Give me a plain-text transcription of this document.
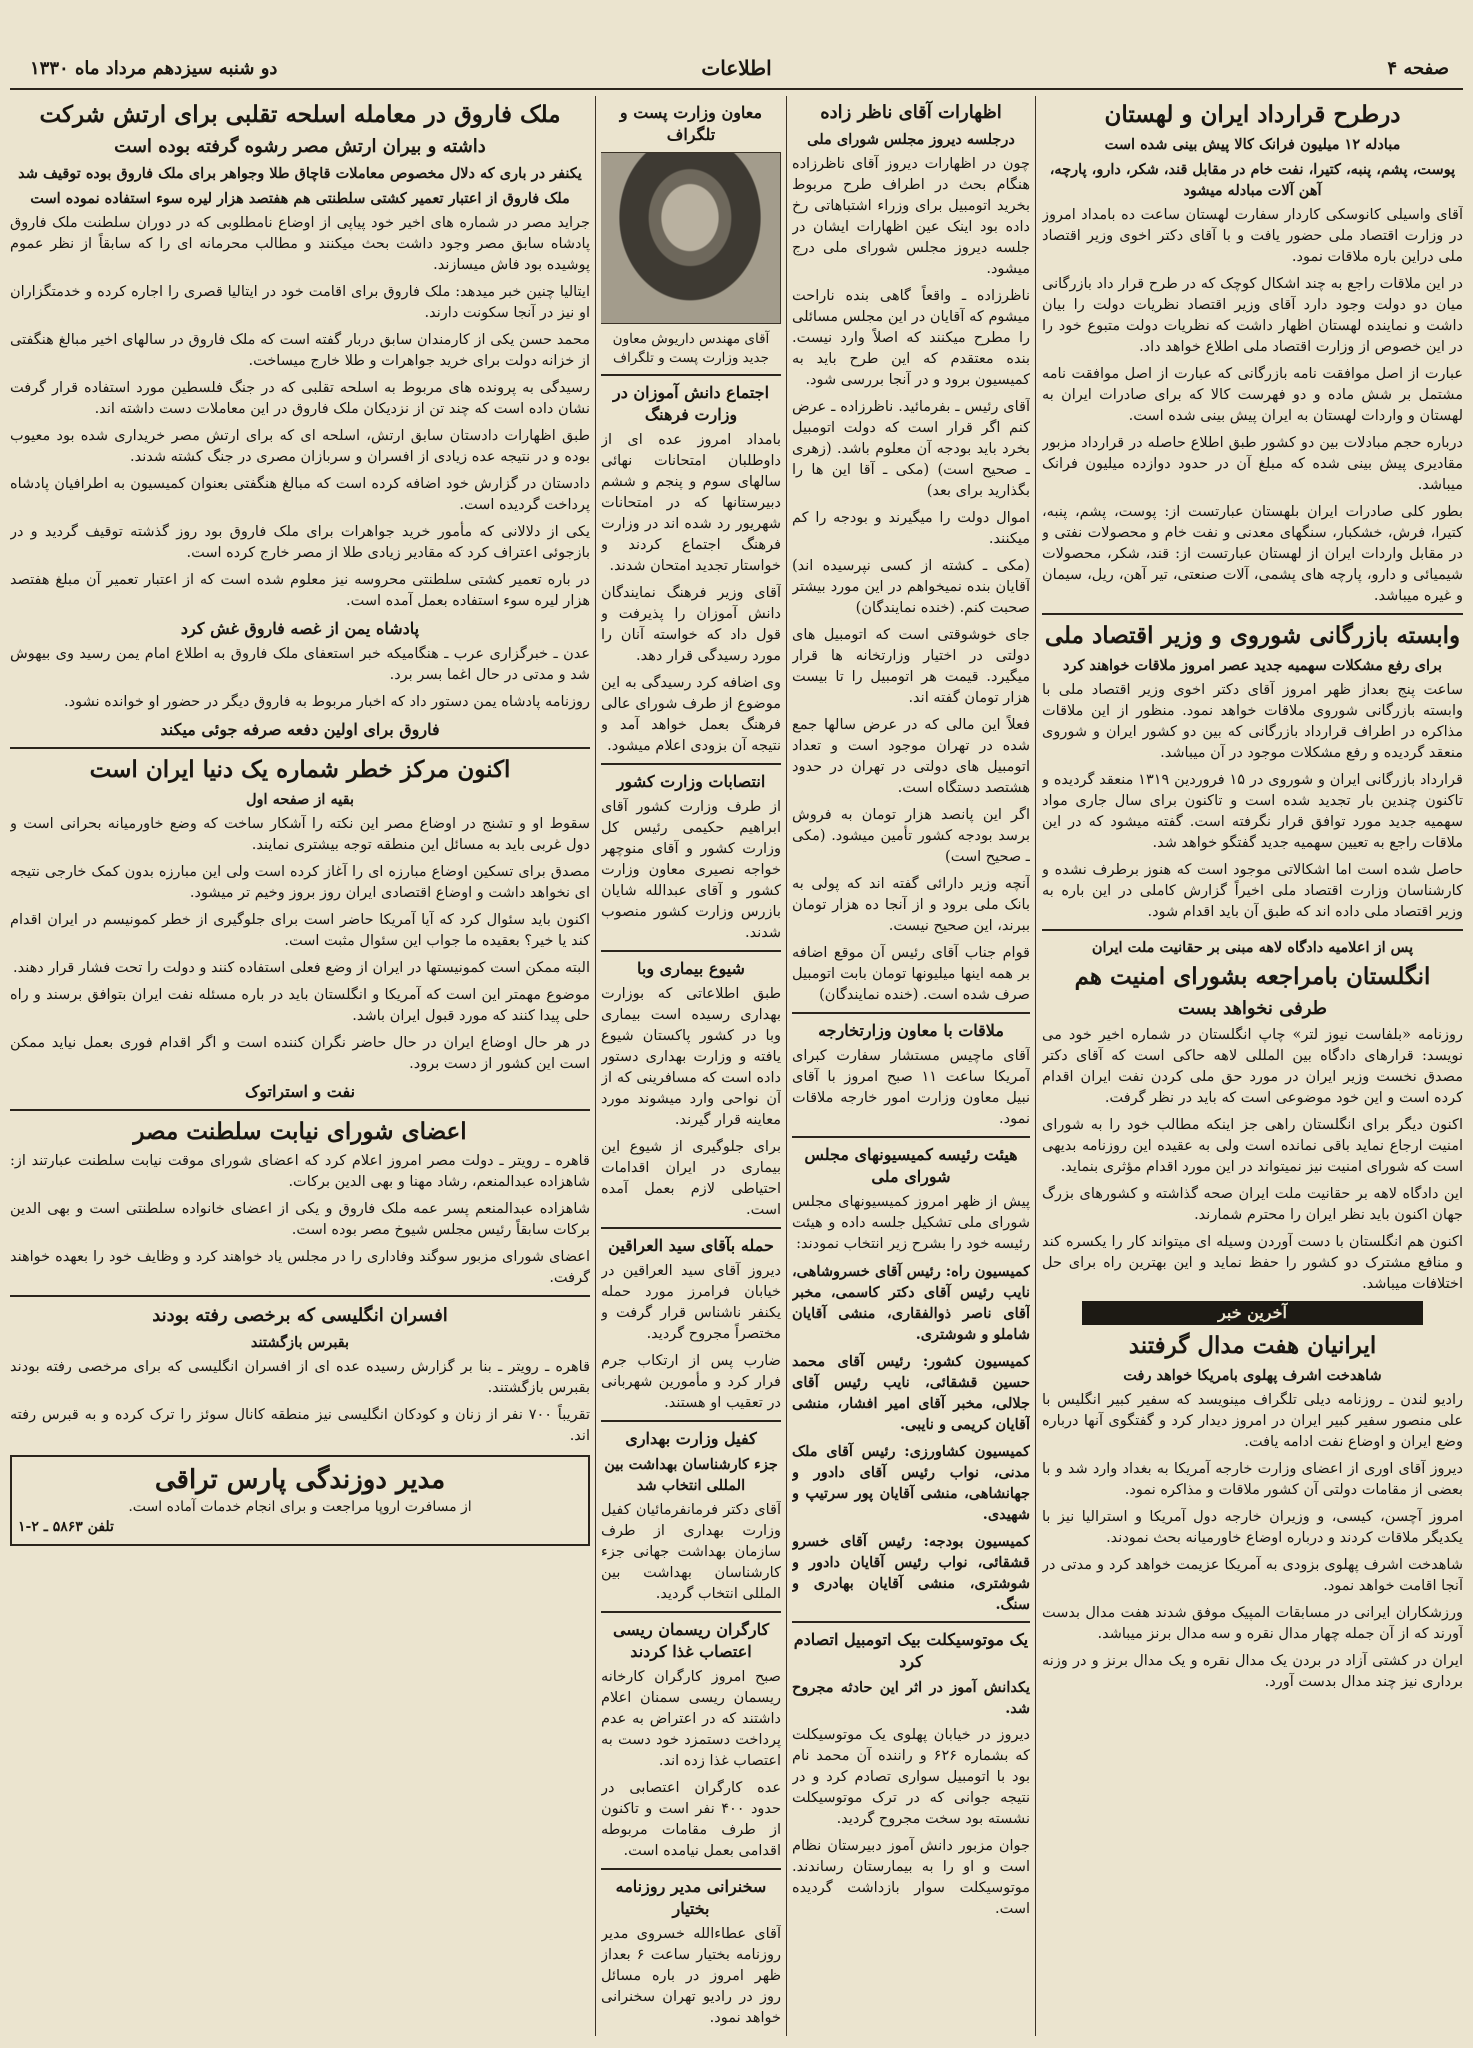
صفحه ۴
اطلاعات
دو شنبه سیزدهم مرداد ماه ۱۳۳۰
درطرح قرارداد ایران و لهستان
مبادله ۱۲ میلیون فرانک کالا پیش بینی شده است
پوست، پشم، پنبه، کتیرا، نفت خام در مقابل قند، شکر، دارو، پارچه، آهن آلات مبادله میشود

آقای واسیلی کانوسکی کاردار سفارت لهستان ساعت ده بامداد امروز در وزارت اقتصاد ملی حضور یافت و با آقای دکتر اخوی وزیر اقتصاد ملی دراین باره ملاقات نمود.

در این ملاقات راجع به چند اشکال کوچک که در طرح قرار داد بازرگانی میان دو دولت وجود دارد آقای وزیر اقتصاد نظریات دولت را بیان داشت و نماینده لهستان اظهار داشت که نظریات دولت متبوع خود را در این خصوص از وزارت اقتصاد ملی اطلاع خواهد داد.

عبارت از اصل موافقت نامه بازرگانی که عبارت از اصل موافقت نامه مشتمل بر شش ماده و دو فهرست کالا که برای صادرات ایران به لهستان و واردات لهستان به ایران پیش بینی شده است.

درباره حجم مبادلات بین دو کشور طبق اطلاع حاصله در قرارداد مزبور مقادیری پیش بینی شده که مبلغ آن در حدود دوازده میلیون فرانک میباشد.

بطور کلی صادرات ایران بلهستان عبارتست از: پوست، پشم، پنبه، کتیرا، فرش، خشکبار، سنگهای معدنی و نفت خام و محصولات نفتی و در مقابل واردات ایران از لهستان عبارتست از: قند، شکر، محصولات شیمیائی و دارو، پارچه های پشمی، آلات صنعتی، تیر آهن، ریل، سیمان و غیره میباشد.

وابسته بازرگانی شوروی و وزیر اقتصاد ملی
برای رفع مشکلات سهمیه جدید عصر امروز ملاقات خواهند کرد

ساعت پنج بعداز ظهر امروز آقای دکتر اخوی وزیر اقتصاد ملی با وابسته بازرگانی شوروی ملاقات خواهد نمود. منظور از این ملاقات مذاکره در اطراف قرارداد بازرگانی که بین دو کشور ایران و شوروی منعقد گردیده و رفع مشکلات موجود در آن میباشد.

قرارداد بازرگانی ایران و شوروی در ۱۵ فروردین ۱۳۱۹ منعقد گردیده و تاکنون چندین بار تجدید شده است و تاکنون برای سال جاری مواد سهمیه جدید مورد توافق قرار نگرفته است. گفته میشود که در این ملاقات راجع به تعیین سهمیه جدید گفتگو خواهد شد.

حاصل شده است اما اشکالاتی موجود است که هنوز برطرف نشده و کارشناسان وزارت اقتصاد ملی اخیراً گزارش کاملی در این باره به وزیر اقتصاد ملی داده اند که طبق آن باید اقدام شود.

پس از اعلامیه دادگاه لاهه مبنی بر حقانیت ملت ایران
انگلستان بامراجعه بشورای امنیت هم
طرفی نخواهد بست

روزنامه «بلفاست نیوز لتر» چاپ انگلستان در شماره اخیر خود می نویسد: قرارهای دادگاه بین المللی لاهه حاکی است که آقای دکتر مصدق نخست وزیر ایران در مورد حق ملی کردن نفت ایران اقدام کرده است و این خود موضوعی است که باید در نظر گرفت.

اکنون دیگر برای انگلستان راهی جز اینکه مطالب خود را به شورای امنیت ارجاع نماید باقی نمانده است ولی به عقیده این روزنامه بدیهی است که شورای امنیت نیز نمیتواند در این مورد اقدام مؤثری بنماید.

این دادگاه لاهه بر حقانیت ملت ایران صحه گذاشته و کشورهای بزرگ جهان اکنون باید نظر ایران را محترم شمارند.

اکنون هم انگلستان با دست آوردن وسیله ای میتواند کار را یکسره کند و منافع مشترک دو کشور را حفظ نماید و این بهترین راه برای حل اختلافات میباشد.

آخرین خبر
ایرانیان هفت مدال گرفتند
شاهدخت اشرف پهلوی بامریکا خواهد رفت

رادیو لندن ـ روزنامه دیلی تلگراف مینویسد که سفیر کبیر انگلیس با علی منصور سفیر کبیر ایران در امروز دیدار کرد و گفتگوی آنها درباره وضع ایران و اوضاع نفت ادامه یافت.

دیروز آقای اوری از اعضای وزارت خارجه آمریکا به بغداد وارد شد و با بعضی از مقامات دولتی آن کشور ملاقات و مذاکره نمود.

امروز آچسن، کیسی، و وزیران خارجه دول آمریکا و استرالیا نیز با یکدیگر ملاقات کردند و درباره اوضاع خاورمیانه بحث نمودند.

شاهدخت اشرف پهلوی بزودی به آمریکا عزیمت خواهد کرد و مدتی در آنجا اقامت خواهد نمود.

ورزشکاران ایرانی در مسابقات المپیک موفق شدند هفت مدال بدست آورند که از آن جمله چهار مدال نقره و سه مدال برنز میباشد.

ایران در کشتی آزاد در بردن یک مدال نقره و یک مدال برنز و در وزنه برداری نیز چند مدال بدست آورد.

اظهارات آقای ناظر زاده
درجلسه دیروز مجلس شورای ملی

چون در اظهارات دیروز آقای ناظرزاده هنگام بحث در اطراف طرح مربوط بخرید اتومبیل برای وزراء اشتباهاتی رخ داده بود اینک عین اظهارات ایشان در جلسه دیروز مجلس شورای ملی درج میشود.

ناظرزاده ـ واقعاً گاهی بنده ناراحت میشوم که آقایان در این مجلس مسائلی را مطرح میکنند که اصلاً وارد نیست. بنده معتقدم که این طرح باید به کمیسیون برود و در آنجا بررسی شود.

آقای رئیس ـ بفرمائید. ناظرزاده ـ عرض کنم اگر قرار است که دولت اتومبیل بخرد باید بودجه آن معلوم باشد. (زهری ـ صحیح است) (مکی ـ آقا این ها را بگذارید برای بعد)

اموال دولت را میگیرند و بودجه را کم میکنند.

(مکی ـ کشته از کسی نپرسیده اند) آقایان بنده نمیخواهم در این مورد بیشتر صحبت کنم. (خنده نمایندگان)

جای خوشوقتی است که اتومبیل های دولتی در اختیار وزارتخانه ها قرار میگیرد. قیمت هر اتومبیل را تا بیست هزار تومان گفته اند.

فعلاً این مالی که در عرض سالها جمع شده در تهران موجود است و تعداد اتومبیل های دولتی در تهران در حدود هشتصد دستگاه است.

اگر این پانصد هزار تومان به فروش برسد بودجه کشور تأمین میشود. (مکی ـ صحیح است)

آنچه وزیر دارائی گفته اند که پولی به بانک ملی برود و از آنجا ده هزار تومان ببرند، این صحیح نیست.

قوام جناب آقای رئیس آن موقع اضافه بر همه اینها میلیونها تومان بابت اتومبیل صرف شده است. (خنده نمایندگان)

ملاقات با معاون وزارتخارجه

آقای ماچیس مستشار سفارت کبرای آمریکا ساعت ۱۱ صبح امروز با آقای نبیل معاون وزارت امور خارجه ملاقات نمود.

هیئت رئیسه کمیسیونهای مجلس شورای ملی

پیش از ظهر امروز کمیسیونهای مجلس شورای ملی تشکیل جلسه داده و هیئت رئیسه خود را بشرح زیر انتخاب نمودند:

کمیسیون راه: رئیس آقای خسروشاهی، نایب رئیس آقای دکتر کاسمی، مخبر آقای ناصر ذوالفقاری، منشی آقایان شاملو و شوشتری.

کمیسیون کشور: رئیس آقای محمد حسین قشقائی، نایب رئیس آقای جلالی، مخبر آقای امیر افشار، منشی آقایان کریمی و نایبی.

کمیسیون کشاورزی: رئیس آقای ملک مدنی، نواب رئیس آقای دادور و جهانشاهی، منشی آقایان پور سرتیپ و شهیدی.

کمیسیون بودجه: رئیس آقای خسرو قشقائی، نواب رئیس آقایان دادور و شوشتری، منشی آقایان بهادری و سنگ.

یک موتوسیکلت بیک اتومبیل اتصادم کرد

یکدانش آموز در اثر این حادثه مجروح شد.

دیروز در خیابان پهلوی یک موتوسیکلت که بشماره ۶۲۶ و راننده آن محمد نام بود با اتومبیل سواری تصادم کرد و در نتیجه جوانی که در ترک موتوسیکلت نشسته بود سخت مجروح گردید.

جوان مزبور دانش آموز دبیرستان نظام است و او را به بیمارستان رساندند. موتوسیکلت سوار بازداشت گردیده است.

معاون وزارت پست و تلگراف
آقای مهندس داریوش معاون جدید وزارت پست و تلگراف
اجتماع دانش آموزان در وزارت فرهنگ

بامداد امروز عده ای از داوطلبان امتحانات نهائی سالهای سوم و پنجم و ششم دبیرستانها که در امتحانات شهریور رد شده اند در وزارت فرهنگ اجتماع کردند و خواستار تجدید امتحان شدند.

آقای وزیر فرهنگ نمایندگان دانش آموزان را پذیرفت و قول داد که خواسته آنان را مورد رسیدگی قرار دهد.

وی اضافه کرد رسیدگی به این موضوع از طرف شورای عالی فرهنگ بعمل خواهد آمد و نتیجه آن بزودی اعلام میشود.

انتصابات وزارت کشور

از طرف وزارت کشور آقای ابراهیم حکیمی رئیس کل وزارت کشور و آقای منوچهر خواجه نصیری معاون وزارت کشور و آقای عبدالله شایان بازرس وزارت کشور منصوب شدند.

شیوع بیماری وبا

طبق اطلاعاتی که بوزارت بهداری رسیده است بیماری وبا در کشور پاکستان شیوع یافته و وزارت بهداری دستور داده است که مسافرینی که از آن نواحی وارد میشوند مورد معاینه قرار گیرند.

برای جلوگیری از شیوع این بیماری در ایران اقدامات احتیاطی لازم بعمل آمده است.

حمله بآقای سید العراقین

دیروز آقای سید العراقین در خیابان فرامرز مورد حمله یکنفر ناشناس قرار گرفت و مختصراً مجروح گردید.

ضارب پس از ارتکاب جرم فرار کرد و مأمورین شهربانی در تعقیب او هستند.

کفیل وزارت بهداری
جزء کارشناسان بهداشت بین المللی انتخاب شد

آقای دکتر فرمانفرمائیان کفیل وزارت بهداری از طرف سازمان بهداشت جهانی جزء کارشناسان بهداشت بین المللی انتخاب گردید.

کارگران ریسمان ریسی اعتصاب غذا کردند

صبح امروز کارگران کارخانه ریسمان ریسی سمنان اعلام داشتند که در اعتراض به عدم پرداخت دستمزد خود دست به اعتصاب غذا زده اند.

عده کارگران اعتصابی در حدود ۴۰۰ نفر است و تاکنون از طرف مقامات مربوطه اقدامی بعمل نیامده است.

سخنرانی مدیر روزنامه بختیار

آقای عطاءالله خسروی مدیر روزنامه بختیار ساعت ۶ بعداز ظهر امروز در باره مسائل روز در رادیو تهران سخنرانی خواهد نمود.

ملک فاروق در معامله اسلحه تقلبی برای ارتش شرکت
داشته و بیران ارتش مصر رشوه گرفته بوده است
یکنفر در باری که دلال مخصوص معاملات قاچاق طلا وجواهر برای ملک فاروق بوده توقیف شد
ملک فاروق از اعتبار تعمیر کشتی سلطنتی هم هفتصد هزار لیره سوء استفاده نموده است

جراید مصر در شماره های اخیر خود پیاپی از اوضاع نامطلوبی که در دوران سلطنت ملک فاروق پادشاه سابق مصر وجود داشت بحث میکنند و مطالب محرمانه ای را که سابقاً از نظر عموم پوشیده بود فاش میسازند.

ایتالیا چنین خبر میدهد: ملک فاروق برای اقامت خود در ایتالیا قصری را اجاره کرده و خدمتگزاران او نیز در آنجا سکونت دارند.

محمد حسن یکی از کارمندان سابق دربار گفته است که ملک فاروق در سالهای اخیر مبالغ هنگفتی از خزانه دولت برای خرید جواهرات و طلا خارج میساخت.

رسیدگی به پرونده های مربوط به اسلحه تقلبی که در جنگ فلسطین مورد استفاده قرار گرفت نشان داده است که چند تن از نزدیکان ملک فاروق در این معاملات دست داشته اند.

طبق اظهارات دادستان سابق ارتش، اسلحه ای که برای ارتش مصر خریداری شده بود معیوب بوده و در نتیجه عده زیادی از افسران و سربازان مصری در جنگ کشته شدند.

دادستان در گزارش خود اضافه کرده است که مبالغ هنگفتی بعنوان کمیسیون به اطرافیان پادشاه پرداخت گردیده است.

یکی از دلالانی که مأمور خرید جواهرات برای ملک فاروق بود روز گذشته توقیف گردید و در بازجوئی اعتراف کرد که مقادیر زیادی طلا از مصر خارج کرده است.

در باره تعمیر کشتی سلطنتی محروسه نیز معلوم شده است که از اعتبار تعمیر آن مبلغ هفتصد هزار لیره سوء استفاده بعمل آمده است.

پادشاه یمن از غصه فاروق غش کرد

عدن ـ خبرگزاری عرب ـ هنگامیکه خبر استعفای ملک فاروق به اطلاع امام یمن رسید وی بیهوش شد و مدتی در حال اغما بسر برد.

روزنامه پادشاه یمن دستور داد که اخبار مربوط به فاروق دیگر در حضور او خوانده نشود.

فاروق برای اولین دفعه صرفه جوئی میکند
اکنون مرکز خطر شماره یک دنیا ایران است
بقیه از صفحه اول

سقوط او و تشنج در اوضاع مصر این نکته را آشکار ساخت که وضع خاورمیانه بحرانی است و دول غربی باید به مسائل این منطقه توجه بیشتری نمایند.

مصدق برای تسکین اوضاع مبارزه ای را آغاز کرده است ولی این مبارزه بدون کمک خارجی نتیجه ای نخواهد داشت و اوضاع اقتصادی ایران روز بروز وخیم تر میشود.

اکنون باید سئوال کرد که آیا آمریکا حاضر است برای جلوگیری از خطر کمونیسم در ایران اقدام کند یا خیر؟ بعقیده ما جواب این سئوال مثبت است.

البته ممکن است کمونیستها در ایران از وضع فعلی استفاده کنند و دولت را تحت فشار قرار دهند.

موضوع مهمتر این است که آمریکا و انگلستان باید در باره مسئله نفت ایران بتوافق برسند و راه حلی پیدا کنند که مورد قبول ایران باشد.

در هر حال اوضاع ایران در حال حاضر نگران کننده است و اگر اقدام فوری بعمل نیاید ممکن است این کشور از دست برود.

نفت و استراتوک
اعضای شورای نیابت سلطنت مصر

قاهره ـ رویتر ـ دولت مصر امروز اعلام کرد که اعضای شورای موقت نیابت سلطنت عبارتند از: شاهزاده عبدالمنعم، رشاد مهنا و بهی الدین برکات.

شاهزاده عبدالمنعم پسر عمه ملک فاروق و یکی از اعضای خانواده سلطنتی است و بهی الدین برکات سابقاً رئیس مجلس شیوخ مصر بوده است.

اعضای شورای مزبور سوگند وفاداری را در مجلس یاد خواهند کرد و وظایف خود را بعهده خواهند گرفت.

افسران انگلیسی که برخصی رفته بودند
بقبرس بازگشتند

قاهره ـ رویتر ـ بنا بر گزارش رسیده عده ای از افسران انگلیسی که برای مرخصی رفته بودند بقبرس بازگشتند.

تقریباً ۷۰۰ نفر از زنان و کودکان انگلیسی نیز منطقه کانال سوئز را ترک کرده و به قبرس رفته اند.

مدیر دوزندگی پارس تراقی
از مسافرت اروپا مراجعت و برای انجام خدمات آماده است.
تلفن ۵۸۶۳ ـ ۲-۱
